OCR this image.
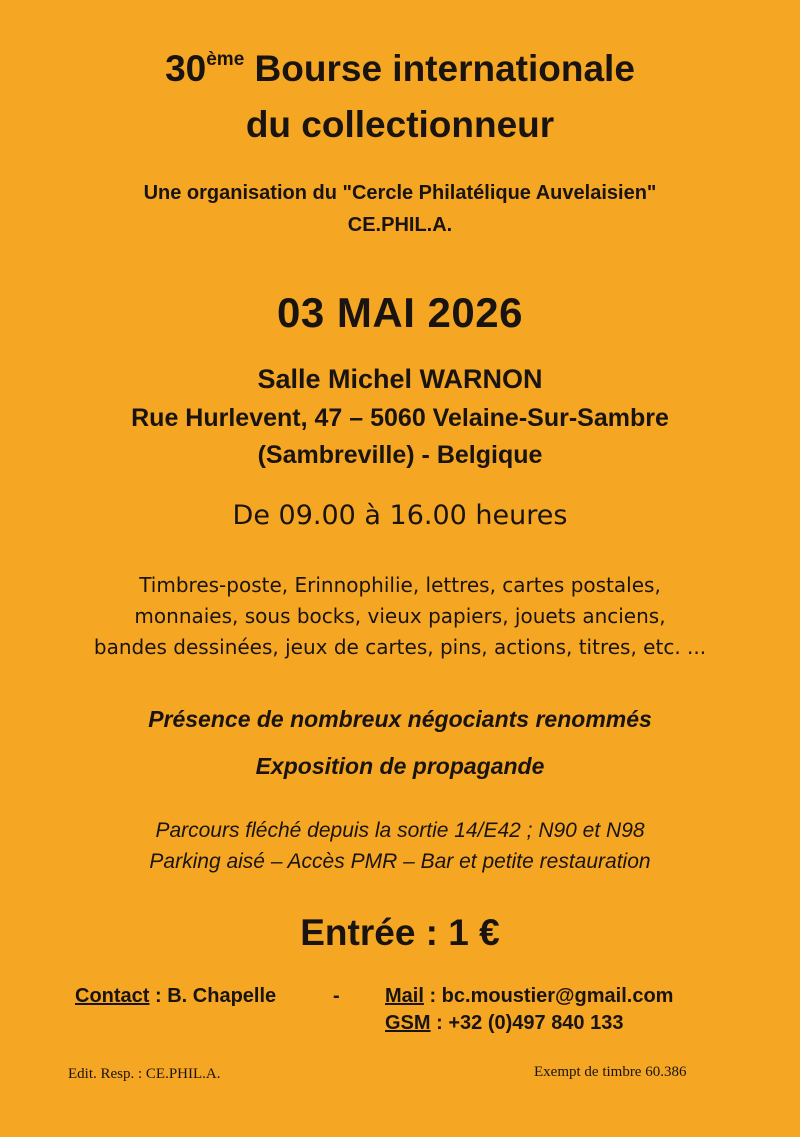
30ème Bourse internationale
du collectionneur
Une organisation du "Cercle Philatélique Auvelaisien"
CE.PHIL.A.
03 MAI 2026
Salle Michel WARNON
Rue Hurlevent, 47 – 5060 Velaine-Sur-Sambre
(Sambreville) - Belgique
De 09.00 à 16.00 heures
Timbres-poste, Erinnophilie, lettres, cartes postales,
monnaies, sous bocks, vieux papiers, jouets anciens,
bandes dessinées, jeux de cartes, pins, actions, titres, etc. ...
Présence de nombreux négociants renommés
Exposition de propagande
Parcours fléché depuis la sortie 14/E42 ; N90 et N98
Parking aisé – Accès PMR – Bar et petite restauration
Entrée : 1 €
Contact : B. Chapelle	- Mail : bc.moustier@gmail.com
GSM : +32 (0)497 840 133
Edit. Resp. : CE.PHIL.A.	Exempt de timbre 60.386
